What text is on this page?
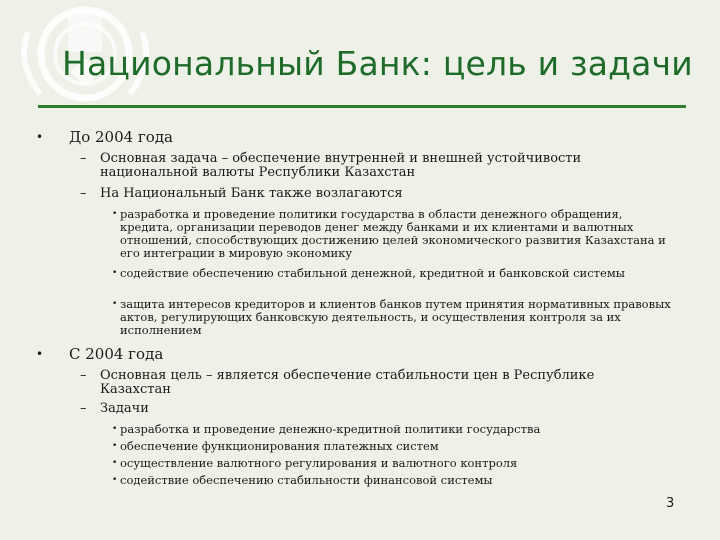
Национальный Банк: цель и задачи
• До 2004 года
– Основная задача – обеспечение внутренней и внешней устойчивости национальной валюты Республики Казахстан
– На Национальный Банк также возлагаются
• разработка и проведение политики государства в области денежного обращения, кредита, организации переводов денег между банками и их клиентами и валютных отношений, способствующих достижению целей экономического развития Казахстана и его интеграции в мировую экономику
• содействие обеспечению стабильной денежной, кредитной и банковской системы
• защита интересов кредиторов и клиентов банков путем принятия нормативных правовых актов, регулирующих банковскую деятельность, и осуществления контроля за их исполнением
• С 2004 года
– Основная цель – является обеспечение стабильности цен в Республике Казахстан
– Задачи
• разработка и проведение денежно-кредитной политики государства
• обеспечение функционирования платежных систем
• осуществление валютного регулирования и валютного контроля
• содействие обеспечению стабильности финансовой системы
3
